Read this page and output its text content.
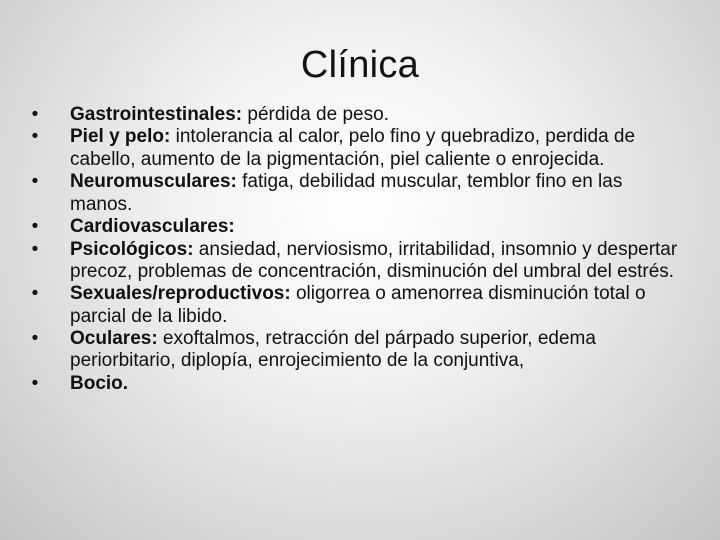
Clínica
• Gastrointestinales: pérdida de peso.
• Piel y pelo: intolerancia al calor, pelo fino y quebradizo, perdida de cabello, aumento de la pigmentación, piel caliente o enrojecida.
• Neuromusculares: fatiga, debilidad muscular, temblor fino en las manos.
• Cardiovasculares:
• Psicológicos: ansiedad, nerviosismo, irritabilidad, insomnio y despertar precoz, problemas de concentración, disminución del umbral del estrés.
• Sexuales/reproductivos: oligorrea o amenorrea disminución total o parcial de la libido.
• Oculares: exoftalmos, retracción del párpado superior, edema periorbitario, diplopía, enrojecimiento de la conjuntiva,
• Bocio.
